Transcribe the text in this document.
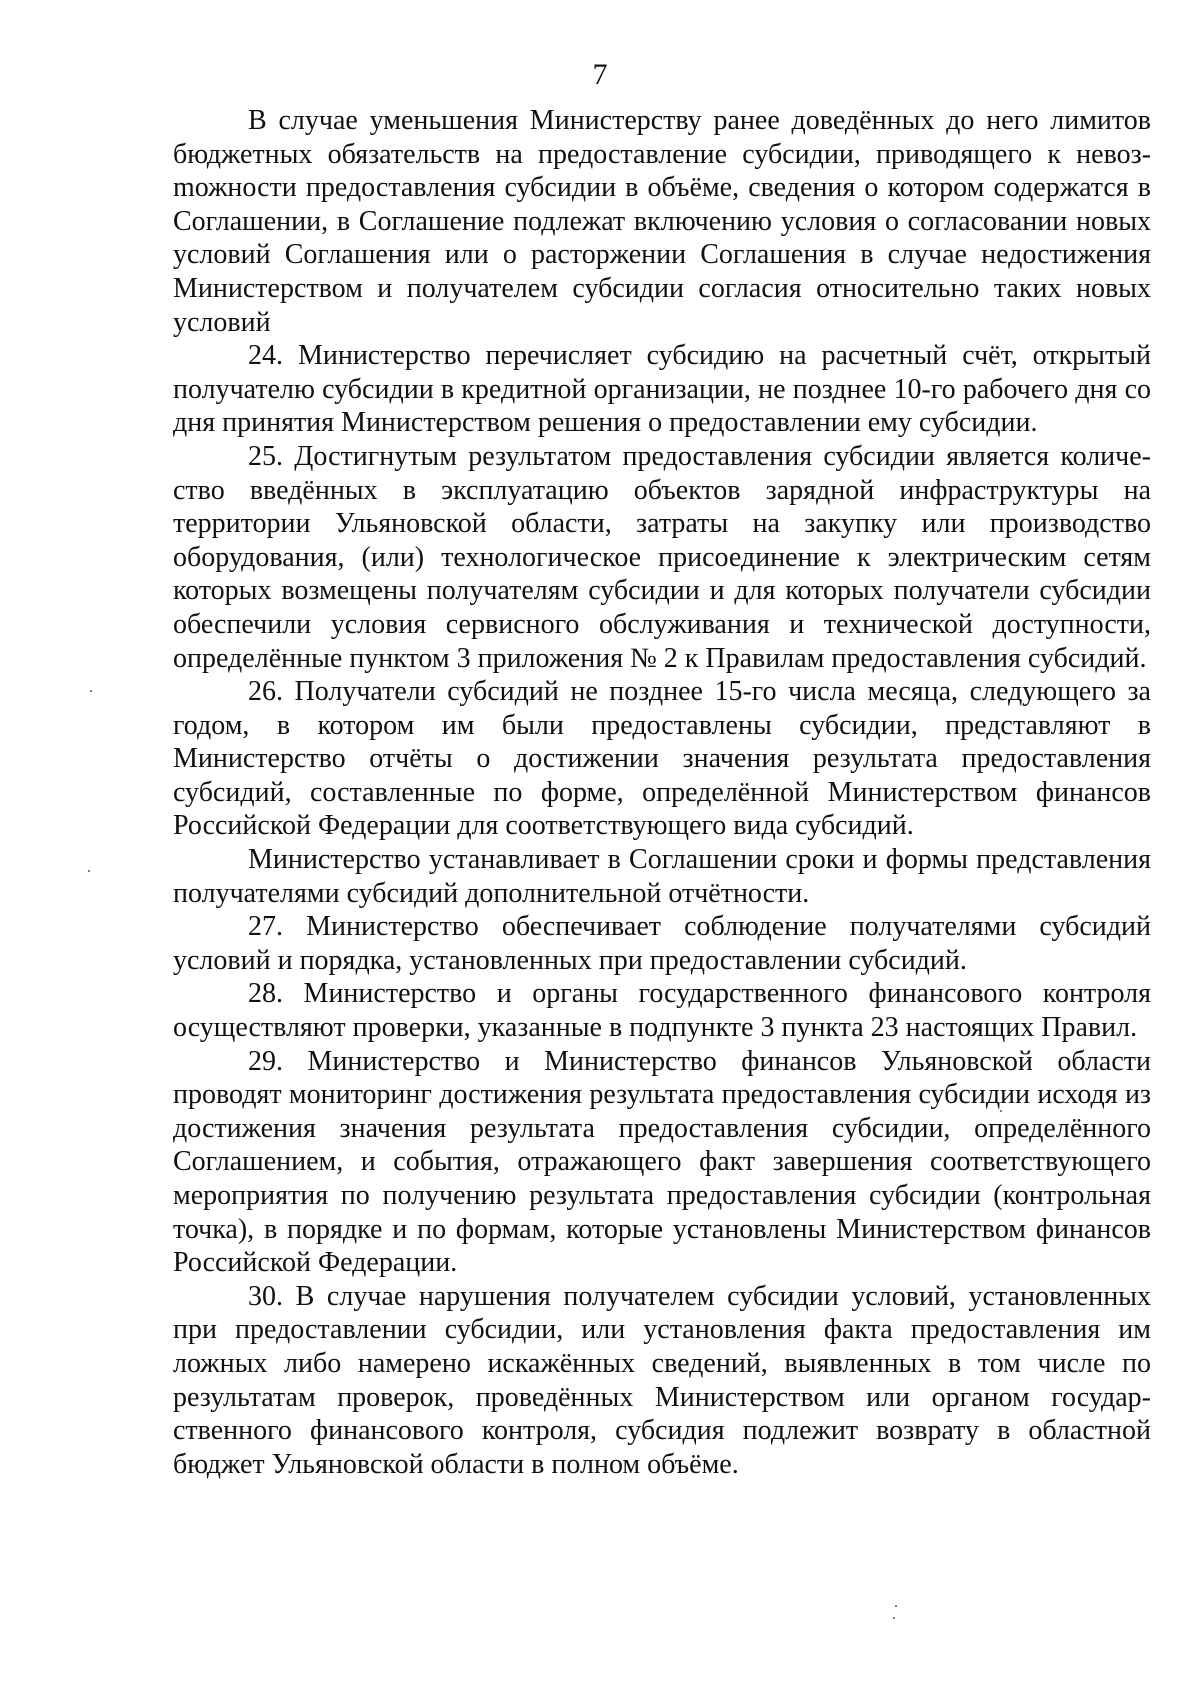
7

В случае уменьшения Министерству ранее доведённых до него лимитов бюджетных обязательств на предоставление субсидии, приводящего к невозmожности предоставления субсидии в объёме, сведения о котором содержатся в Соглашении, в Соглашение подлежат включению условия о согласовании новых условий Соглашения или о расторжении Соглашения в случае недостижения Министерством и получателем субсидии согласия относительно таких новых условий

24. Министерство перечисляет субсидию на расчетный счёт, открытый получателю субсидии в кредитной организации, не позднее 10-го рабочего дня со дня принятия Министерством решения о предоставлении ему субсидии.

25. Достигнутым результатом предоставления субсидии является количество введённых в эксплуатацию объектов зарядной инфраструктуры на территории Ульяновской области, затраты на закупку или производство оборудования, (или) технологическое присоединение к электрическим сетям которых возмещены получателям субсидии и для которых получатели субсидии обеспечили условия сервисного обслуживания и технической доступности, определённые пунктом 3 приложения № 2 к Правилам предоставления субсидий.

26. Получатели субсидий не позднее 15-го числа месяца, следующего за годом, в котором им были предоставлены субсидии, представляют в Министерство отчёты о достижении значения результата предоставления субсидий, составленные по форме, определённой Министерством финансов Российской Федерации для соответствующего вида субсидий.

Министерство устанавливает в Соглашении сроки и формы представления получателями субсидий дополнительной отчётности.

27. Министерство обеспечивает соблюдение получателями субсидий условий и порядка, установленных при предоставлении субсидий.

28. Министерство и органы государственного финансового контроля осуществляют проверки, указанные в подпункте 3 пункта 23 настоящих Правил.

29. Министерство и Министерство финансов Ульяновской области проводят мониторинг достижения результата предоставления субсидии исходя из достижения значения результата предоставления субсидии, определённого Соглашением, и события, отражающего факт завершения соответствующего мероприятия по получению результата предоставления субсидии (контрольная точка), в порядке и по формам, которые установлены Министерством финансов Российской Федерации.

30. В случае нарушения получателем субсидии условий, установленных при предоставлении субсидии, или установления факта предоставления им ложных либо намерено искажённых сведений, выявленных в том числе по результатам проверок, проведённых Министерством или органом государственного финансового контроля, субсидия подлежит возврату в областной бюджет Ульяновской области в полном объёме.
